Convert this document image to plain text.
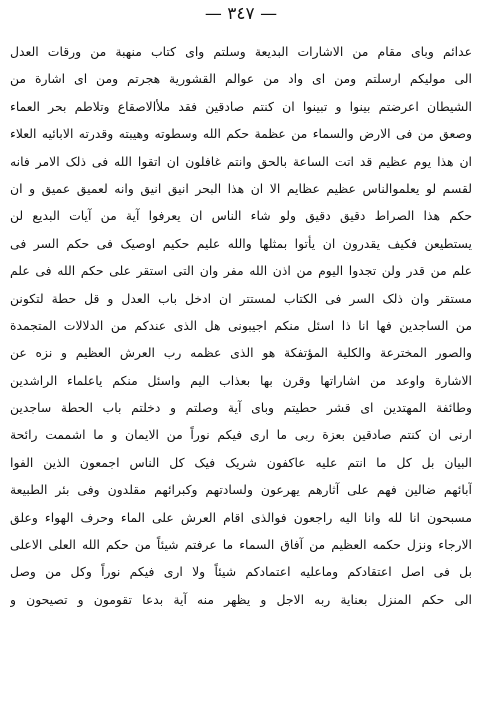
— ٣٤٧ —
عدائم وبای مقام من الاشارات البدیعة وسلتم وای کتاب منهبة من ورقات العدل
الی مولیکم ارسلتم ومن ای واد من عوالم القشوریة هجرتم ومن ای اشارة من
الشیطان اعرضتم بینوا و تبینوا ان کنتم صادقین فقد ملأالاصقاع وتلاطم بحر العماء
وصعق من فی الارض والسماء من عظمة حکم الله وسطوته وهیبته وقدرته الابائیه العلاء
ان هذا یوم عظیم قد اتت الساعة بالحق وانتم غافلون ان اتقوا الله فی ذلک الامر فانه
لقسم لو یعلموالناس عظیم عظایم الا ان هذا البحر انیق انیق وانه لعمیق عمیق و ان
حکم هذا الصراط دقیق دقیق ولو شاء الناس ان یعرفوا آیة من آیات البدیع لن
یستطیعن فکیف یقدرون ان یأتوا بمثلها والله علیم حکیم اوصیک فی حکم السر فی
علم من قدر ولن تجدوا الیوم من اذن الله مفر وان التی استقر علی حکم الله فی علم
مستقر وان ذلک السر فی الکتاب لمستتر ان ادخل باب العدل و قل حطة لتکونن
من الساجدین فها انا ذا اسئل منکم اجیبونی هل الذی عندکم من الدلالات المتجمدة
والصور المخترعة والکلیة المؤتفکة هو الذی عظمه رب العرش العظیم و نزه عن
الاشارة واوعد من اشاراتها وقرن بها بعذاب الیم واسئل منکم یاعلماء الراشدین
وطائفة المهتدین ای قشر حطیتم وبای آیة وصلتم و دخلتم باب الحطة ساجدین
ارنی ان کنتم صادقین بعزة ربی ما اری فیکم نوراً من الایمان و ما اشممت رائحة
البیان بل کل ما انتم علیه عاکفون شریک فیک کل الناس اجمعون الذین الفوا
آبائهم ضالین فهم علی آثارهم یهرعون ولسادتهم وکبرائهم مقلدون وفی بئر الطبیعة
مسبحون انا لله وانا الیه راجعون فوالذی اقام العرش علی الماء وحرف الهواء وعلق
الارجاء ونزل حکمه العظیم من آفاق السماء ما عرفتم شیئاً من حکم الله العلی الاعلی
بل فی اصل اعتقادکم وماعلیه اعتمادکم شیئاً ولا اری فیکم نوراً وکل من وصل
الی حکم المنزل بعنایة ربه الاجل و یظهر منه آیة بدعا تقومون و تصیحون و
